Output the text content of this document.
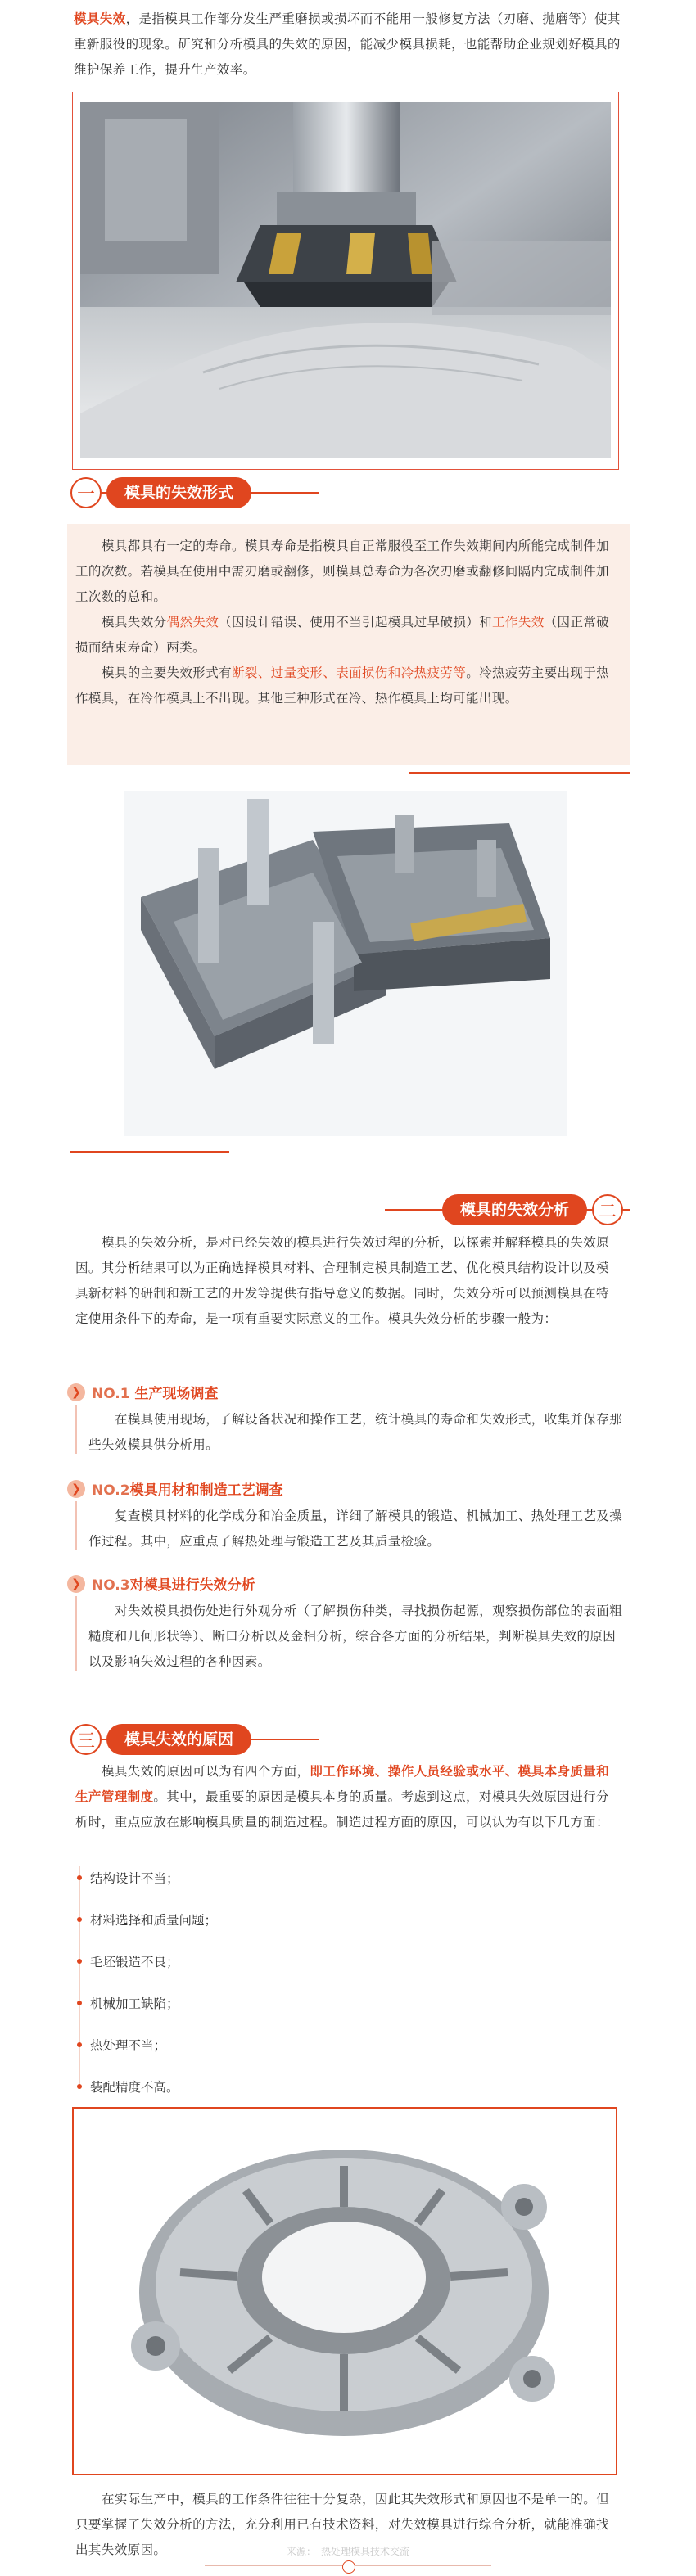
模具失效，是指模具工作部分发生严重磨损或损坏而不能用一般修复方法（刃磨、抛磨等）使其重新服役的现象。研究和分析模具的失效的原因，能减少模具损耗，也能帮助企业规划好模具的维护保养工作，提升生产效率。

一	模具的失效形式

模具都具有一定的寿命。模具寿命是指模具自正常服役至工作失效期间内所能完成制件加工的次数。若模具在使用中需刃磨或翻修，则模具总寿命为各次刃磨或翻修间隔内完成制件加工次数的总和。

模具失效分偶然失效（因设计错误、使用不当引起模具过早破损）和工作失效（因正常破损而结束寿命）两类。

模具的主要失效形式有断裂、过量变形、表面损伤和冷热疲劳等。冷热疲劳主要出现于热作模具，在冷作模具上不出现。其他三种形式在冷、热作模具上均可能出现。

模具的失效分析	二
模具的失效分析，是对已经失效的模具进行失效过程的分析，以探索并解释模具的失效原因。其分析结果可以为正确选择模具材料、合理制定模具制造工艺、优化模具结构设计以及模具新材料的研制和新工艺的开发等提供有指导意义的数据。同时，失效分析可以预测模具在特定使用条件下的寿命，是一项有重要实际意义的工作。模具失效分析的步骤一般为：
❯ NO.1 生产现场调查
在模具使用现场，了解设备状况和操作工艺，统计模具的寿命和失效形式，收集并保存那些失效模具供分析用。
❯ NO.2模具用材和制造工艺调查
复查模具材料的化学成分和冶金质量，详细了解模具的锻造、机械加工、热处理工艺及操作过程。其中，应重点了解热处理与锻造工艺及其质量检验。
❯ NO.3对模具进行失效分析
对失效模具损伤处进行外观分析（了解损伤种类，寻找损伤起源，观察损伤部位的表面粗糙度和几何形状等）、断口分析以及金相分析，综合各方面的分析结果，判断模具失效的原因以及影响失效过程的各种因素。
三	模具失效的原因
模具失效的原因可以为有四个方面，即工作环境、操作人员经验或水平、模具本身质量和生产管理制度。其中，最重要的原因是模具本身的质量。考虑到这点，对模具失效原因进行分析时，重点应放在影响模具质量的制造过程。制造过程方面的原因，可以认为有以下几方面：
结构设计不当；
材料选择和质量问题；
毛坯锻造不良；
机械加工缺陷；
热处理不当；
装配精度不高。
在实际生产中，模具的工作条件往往十分复杂，因此其失效形式和原因也不是单一的。但只要掌握了失效分析的方法，充分利用已有技术资料，对失效模具进行综合分析，就能准确找出其失效原因。	来源：　热处理模具技术交流
